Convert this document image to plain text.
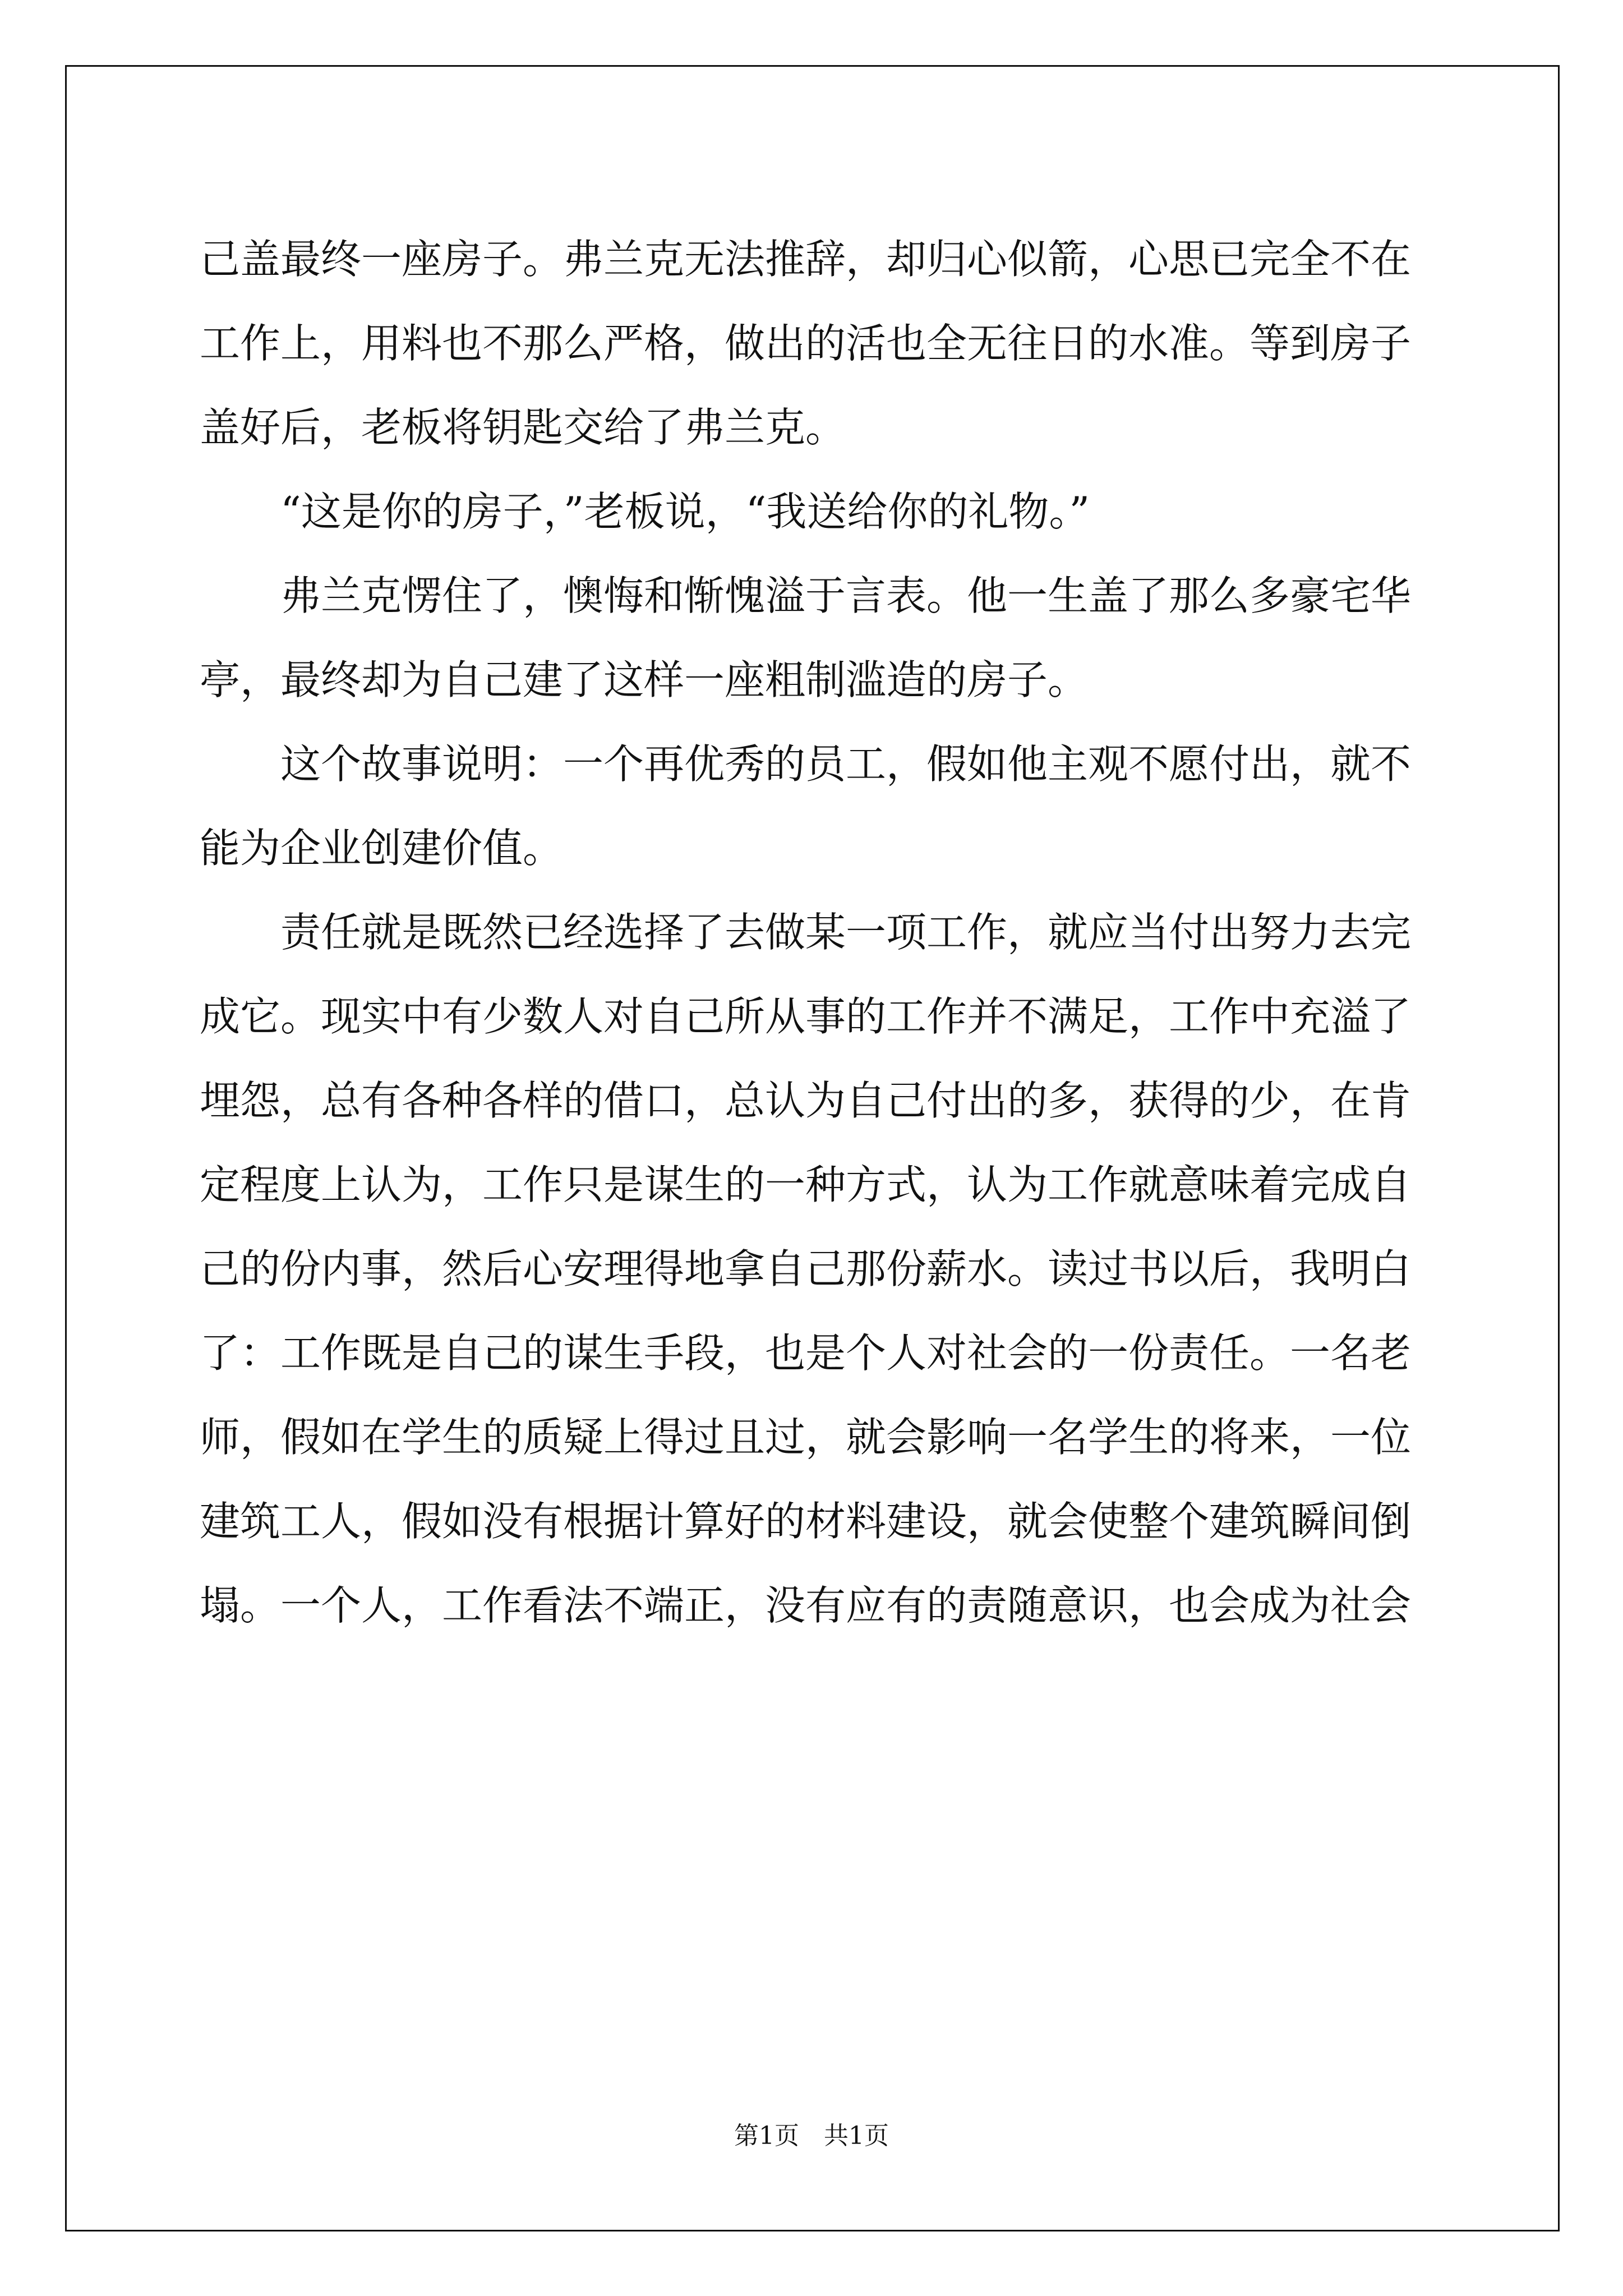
己盖最终一座房子。弗兰克无法推辞，却归心似箭，心思已完全不在
工作上，用料也不那么严格，做出的活也全无往日的水准。等到房子
盖好后，老板将钥匙交给了弗兰克。
　　“这是你的房子，”老板说，“我送给你的礼物。”
　　弗兰克愣住了，懊悔和惭愧溢于言表。他一生盖了那么多豪宅华
亭，最终却为自己建了这样一座粗制滥造的房子。
　　这个故事说明：一个再优秀的员工，假如他主观不愿付出，就不
能为企业创建价值。
　　责任就是既然已经选择了去做某一项工作，就应当付出努力去完
成它。现实中有少数人对自己所从事的工作并不满足，工作中充溢了
埋怨，总有各种各样的借口，总认为自己付出的多，获得的少，在肯
定程度上认为，工作只是谋生的一种方式，认为工作就意味着完成自
己的份内事，然后心安理得地拿自己那份薪水。读过书以后，我明白
了：工作既是自己的谋生手段，也是个人对社会的一份责任。一名老
师，假如在学生的质疑上得过且过，就会影响一名学生的将来，一位
建筑工人，假如没有根据计算好的材料建设，就会使整个建筑瞬间倒
塌。一个人，工作看法不端正，没有应有的责随意识，也会成为社会
第1页　共1页
